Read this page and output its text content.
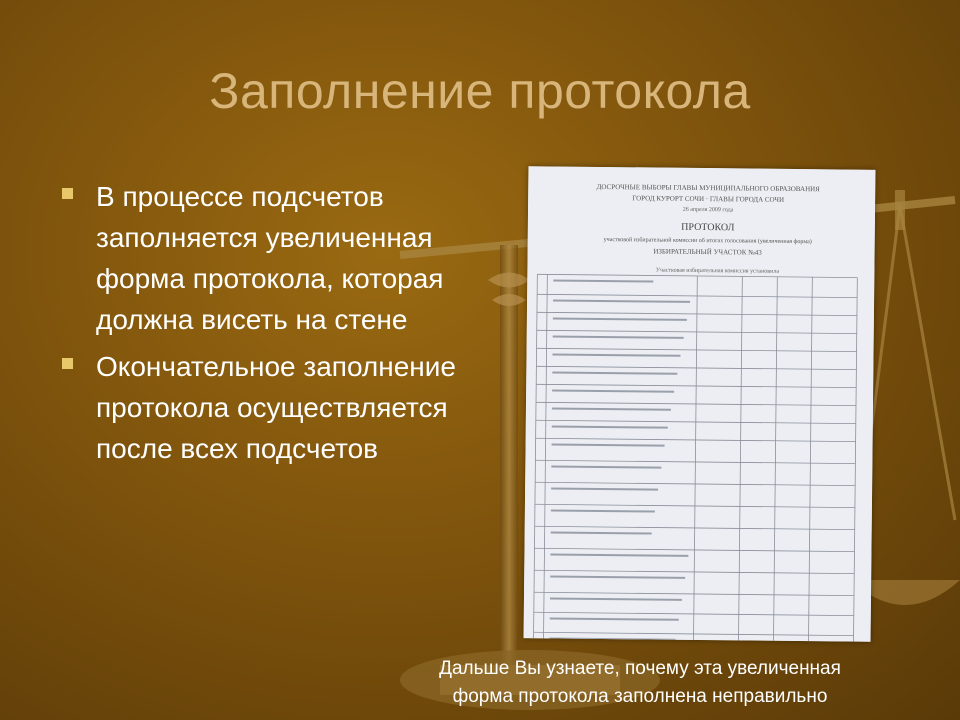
Заполнение протокола
В процессе подсчетов заполняется увеличенная форма протокола, которая должна висеть на стене
Окончательное заполнение протокола осуществляется после всех подсчетов
ДОСРОЧНЫЕ ВЫБОРЫ ГЛАВЫ МУНИЦИПАЛЬНОГО ОБРАЗОВАНИЯ
ГОРОД КУРОРТ СОЧИ · ГЛАВЫ ГОРОДА СОЧИ
26 апреля 2009 года
ПРОТОКОЛ
участковой избирательной комиссии об итогах голосования (увеличенная форма)
ИЗБИРАТЕЛЬНЫЙ УЧАСТОК №43
Участковая избирательная комиссия установила
Дальше Вы узнаете, почему эта увеличенная
форма протокола заполнена неправильно
